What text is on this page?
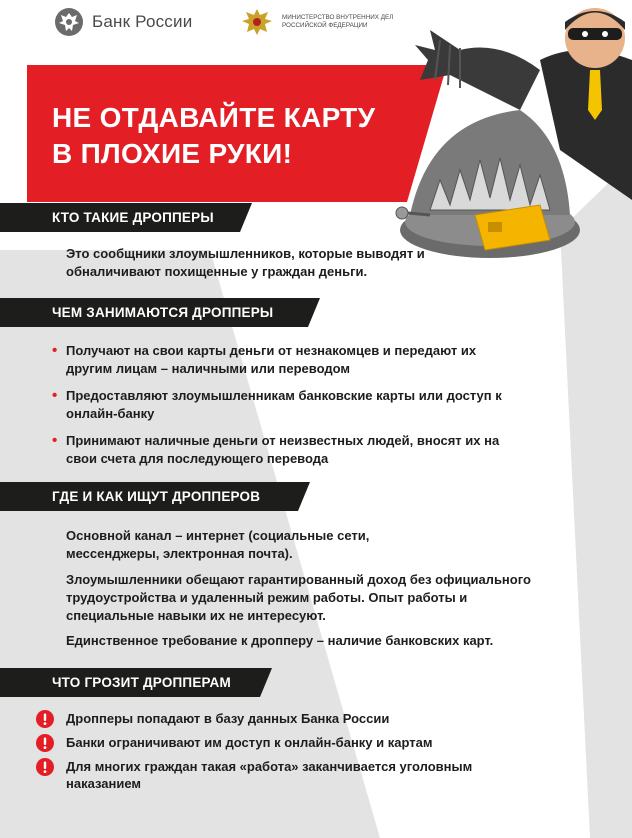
Банк России	МИНИСТЕРСТВО ВНУТРЕННИХ ДЕЛ РОССИЙСКОЙ ФЕДЕРАЦИИ
НЕ ОТДАВАЙТЕ КАРТУ
В ПЛОХИЕ РУКИ!
КТО ТАКИЕ ДРОППЕРЫ

Это сообщники злоумышленников, которые выводят и обналичивают похищенные у граждан деньги.

ЧЕМ ЗАНИМАЮТСЯ ДРОППЕРЫ
• Получают на свои карты деньги от незнакомцев и передают их другим лицам – наличными или переводом
• Предоставляют злоумышленникам банковские карты или доступ к онлайн-банку
• Принимают наличные деньги от неизвестных людей, вносят их на свои счета для последующего перевода
ГДЕ И КАК ИЩУТ ДРОППЕРОВ

Основной канал – интернет (социальные сети, мессенджеры, электронная почта).

Злоумышленники обещают гарантированный доход без официального трудоустройства и удаленный режим работы. Опыт работы и специальные навыки их не интересуют.

Единственное требование к дропперу – наличие банковских карт.

ЧТО ГРОЗИТ ДРОППЕРАМ
Дропперы попадают в базу данных Банка России
Банки ограничивают им доступ к онлайн-банку и картам
Для многих граждан такая «работа» заканчивается уголовным наказанием
